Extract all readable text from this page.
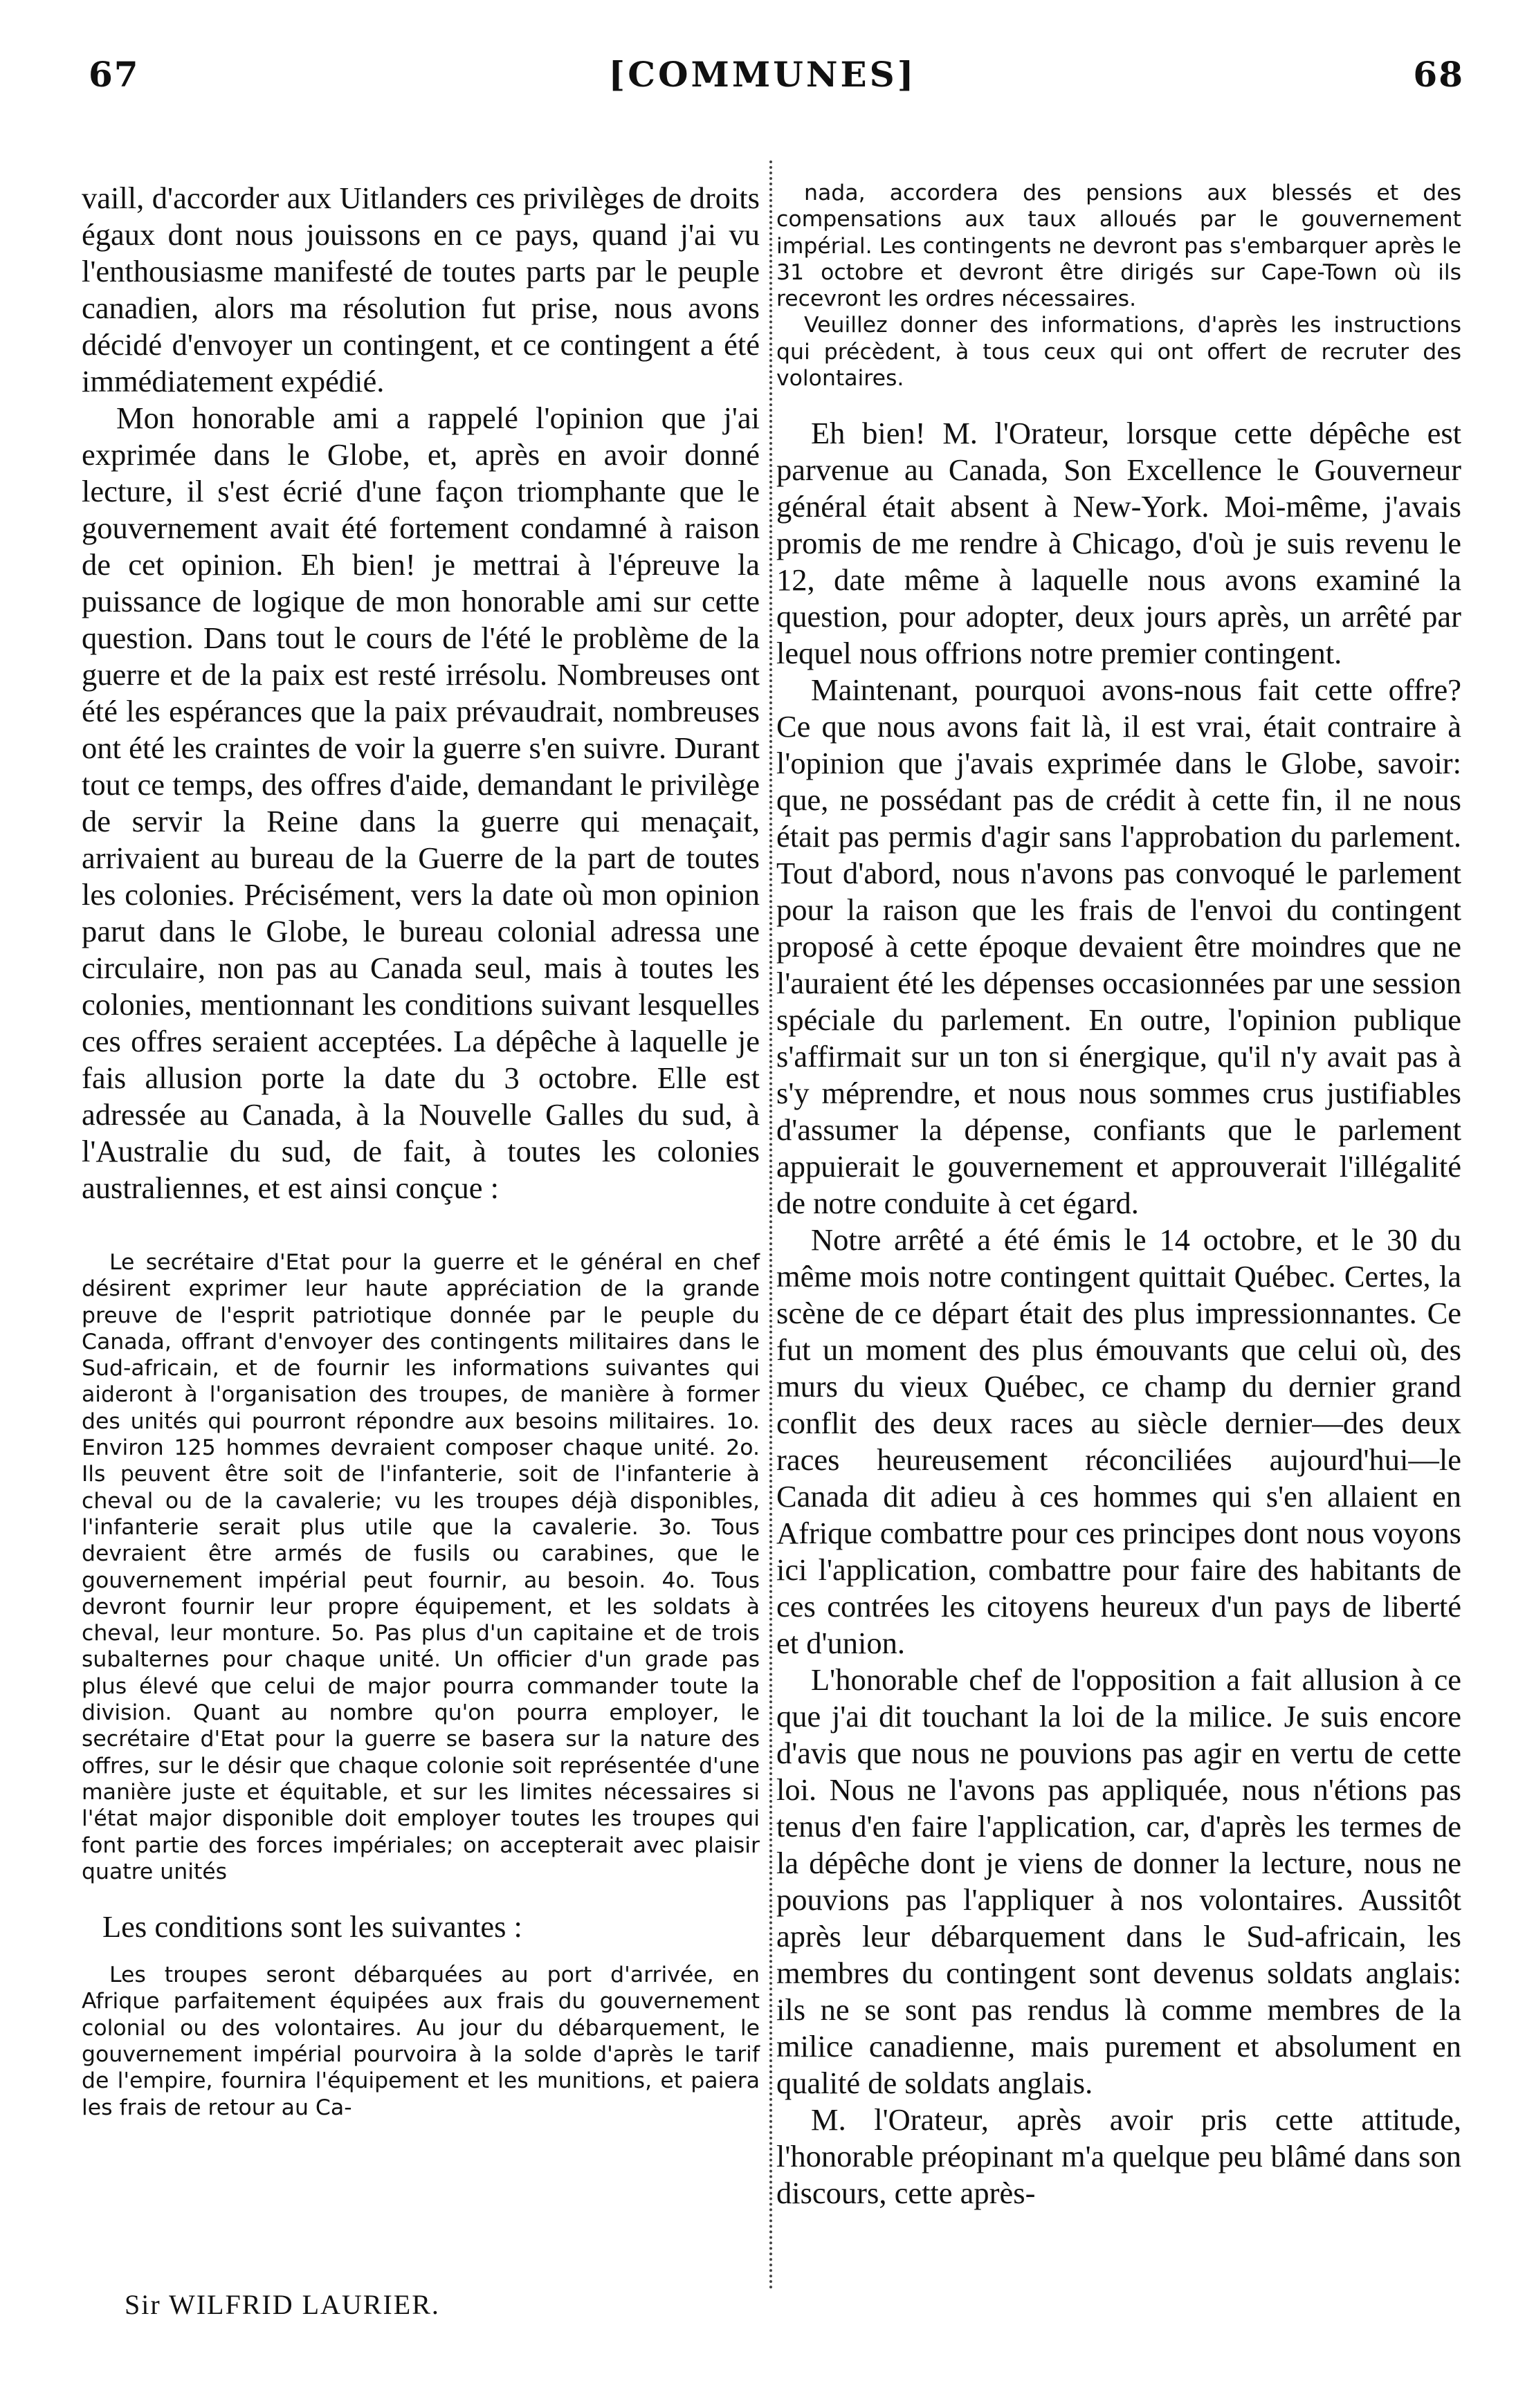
67	[COMMUNES]	68

vaill, d'accorder aux Uitlanders ces privilèges de droits égaux dont nous jouissons en ce pays, quand j'ai vu l'enthousiasme manifesté de toutes parts par le peuple canadien, alors ma résolution fut prise, nous avons décidé d'envoyer un contingent, et ce contingent a été immédiatement expédié.

Mon honorable ami a rappelé l'opinion que j'ai exprimée dans le Globe, et, après en avoir donné lecture, il s'est écrié d'une façon triomphante que le gouvernement avait été fortement condamné à raison de cet opinion. Eh bien! je mettrai à l'épreuve la puissance de logique de mon honorable ami sur cette question. Dans tout le cours de l'été le problème de la guerre et de la paix est resté irrésolu. Nombreuses ont été les espérances que la paix prévaudrait, nombreuses ont été les craintes de voir la guerre s'en suivre. Durant tout ce temps, des offres d'aide, demandant le privilège de servir la Reine dans la guerre qui menaçait, arrivaient au bureau de la Guerre de la part de toutes les colonies. Précisément, vers la date où mon opinion parut dans le Globe, le bureau colonial adressa une circulaire, non pas au Canada seul, mais à toutes les colonies, mentionnant les conditions suivant lesquelles ces offres seraient acceptées. La dépêche à laquelle je fais allusion porte la date du 3 octobre. Elle est adressée au Canada, à la Nouvelle Galles du sud, à l'Australie du sud, de fait, à toutes les colonies australiennes, et est ainsi conçue :

Le secrétaire d'Etat pour la guerre et le général en chef désirent exprimer leur haute appréciation de la grande preuve de l'esprit patriotique donnée par le peuple du Canada, offrant d'envoyer des contingents militaires dans le Sud-africain, et de fournir les informations suivantes qui aideront à l'organisation des troupes, de manière à former des unités qui pourront répondre aux besoins militaires. 1o. Environ 125 hommes devraient composer chaque unité. 2o. Ils peuvent être soit de l'infanterie, soit de l'infanterie à cheval ou de la cavalerie; vu les troupes déjà disponibles, l'infanterie serait plus utile que la cavalerie. 3o. Tous devraient être armés de fusils ou carabines, que le gouvernement impérial peut fournir, au besoin. 4o. Tous devront fournir leur propre équipement, et les soldats à cheval, leur monture. 5o. Pas plus d'un capitaine et de trois subalternes pour chaque unité. Un officier d'un grade pas plus élevé que celui de major pourra commander toute la division. Quant au nombre qu'on pourra employer, le secrétaire d'Etat pour la guerre se basera sur la nature des offres, sur le désir que chaque colonie soit représentée d'une manière juste et équitable, et sur les limites nécessaires si l'état major disponible doit employer toutes les troupes qui font partie des forces impériales; on accepterait avec plaisir quatre unités

Les conditions sont les suivantes :

Les troupes seront débarquées au port d'arrivée, en Afrique parfaitement équipées aux frais du gouvernement colonial ou des volontaires. Au jour du débarquement, le gouvernement impérial pourvoira à la solde d'après le tarif de l'empire, fournira l'équipement et les munitions, et paiera les frais de retour au Ca-

nada, accordera des pensions aux blessés et des compensations aux taux alloués par le gouvernement impérial. Les contingents ne devront pas s'embarquer après le 31 octobre et devront être dirigés sur Cape-Town où ils recevront les ordres nécessaires.

Veuillez donner des informations, d'après les instructions qui précèdent, à tous ceux qui ont offert de recruter des volontaires.

Eh bien! M. l'Orateur, lorsque cette dépêche est parvenue au Canada, Son Excellence le Gouverneur général était absent à New-York. Moi-même, j'avais promis de me rendre à Chicago, d'où je suis revenu le 12, date même à laquelle nous avons examiné la question, pour adopter, deux jours après, un arrêté par lequel nous offrions notre premier contingent.

Maintenant, pourquoi avons-nous fait cette offre? Ce que nous avons fait là, il est vrai, était contraire à l'opinion que j'avais exprimée dans le Globe, savoir: que, ne possédant pas de crédit à cette fin, il ne nous était pas permis d'agir sans l'approbation du parlement. Tout d'abord, nous n'avons pas convoqué le parlement pour la raison que les frais de l'envoi du contingent proposé à cette époque devaient être moindres que ne l'auraient été les dépenses occasionnées par une session spéciale du parlement. En outre, l'opinion publique s'affirmait sur un ton si énergique, qu'il n'y avait pas à s'y méprendre, et nous nous sommes crus justifiables d'assumer la dépense, confiants que le parlement appuierait le gouvernement et approuverait l'illégalité de notre conduite à cet égard.

Notre arrêté a été émis le 14 octobre, et le 30 du même mois notre contingent quittait Québec. Certes, la scène de ce départ était des plus impressionnantes. Ce fut un moment des plus émouvants que celui où, des murs du vieux Québec, ce champ du dernier grand conflit des deux races au siècle dernier—des deux races heureusement réconciliées aujourd'hui—le Canada dit adieu à ces hommes qui s'en allaient en Afrique combattre pour ces principes dont nous voyons ici l'application, combattre pour faire des habitants de ces contrées les citoyens heureux d'un pays de liberté et d'union.

L'honorable chef de l'opposition a fait allusion à ce que j'ai dit touchant la loi de la milice. Je suis encore d'avis que nous ne pouvions pas agir en vertu de cette loi. Nous ne l'avons pas appliquée, nous n'étions pas tenus d'en faire l'application, car, d'après les termes de la dépêche dont je viens de donner la lecture, nous ne pouvions pas l'appliquer à nos volontaires. Aussitôt après leur débarquement dans le Sud-africain, les membres du contingent sont devenus soldats anglais: ils ne se sont pas rendus là comme membres de la milice canadienne, mais purement et absolument en qualité de soldats anglais.

M. l'Orateur, après avoir pris cette attitude, l'honorable préopinant m'a quelque peu blâmé dans son discours, cette après-

Sir WILFRID LAURIER.
